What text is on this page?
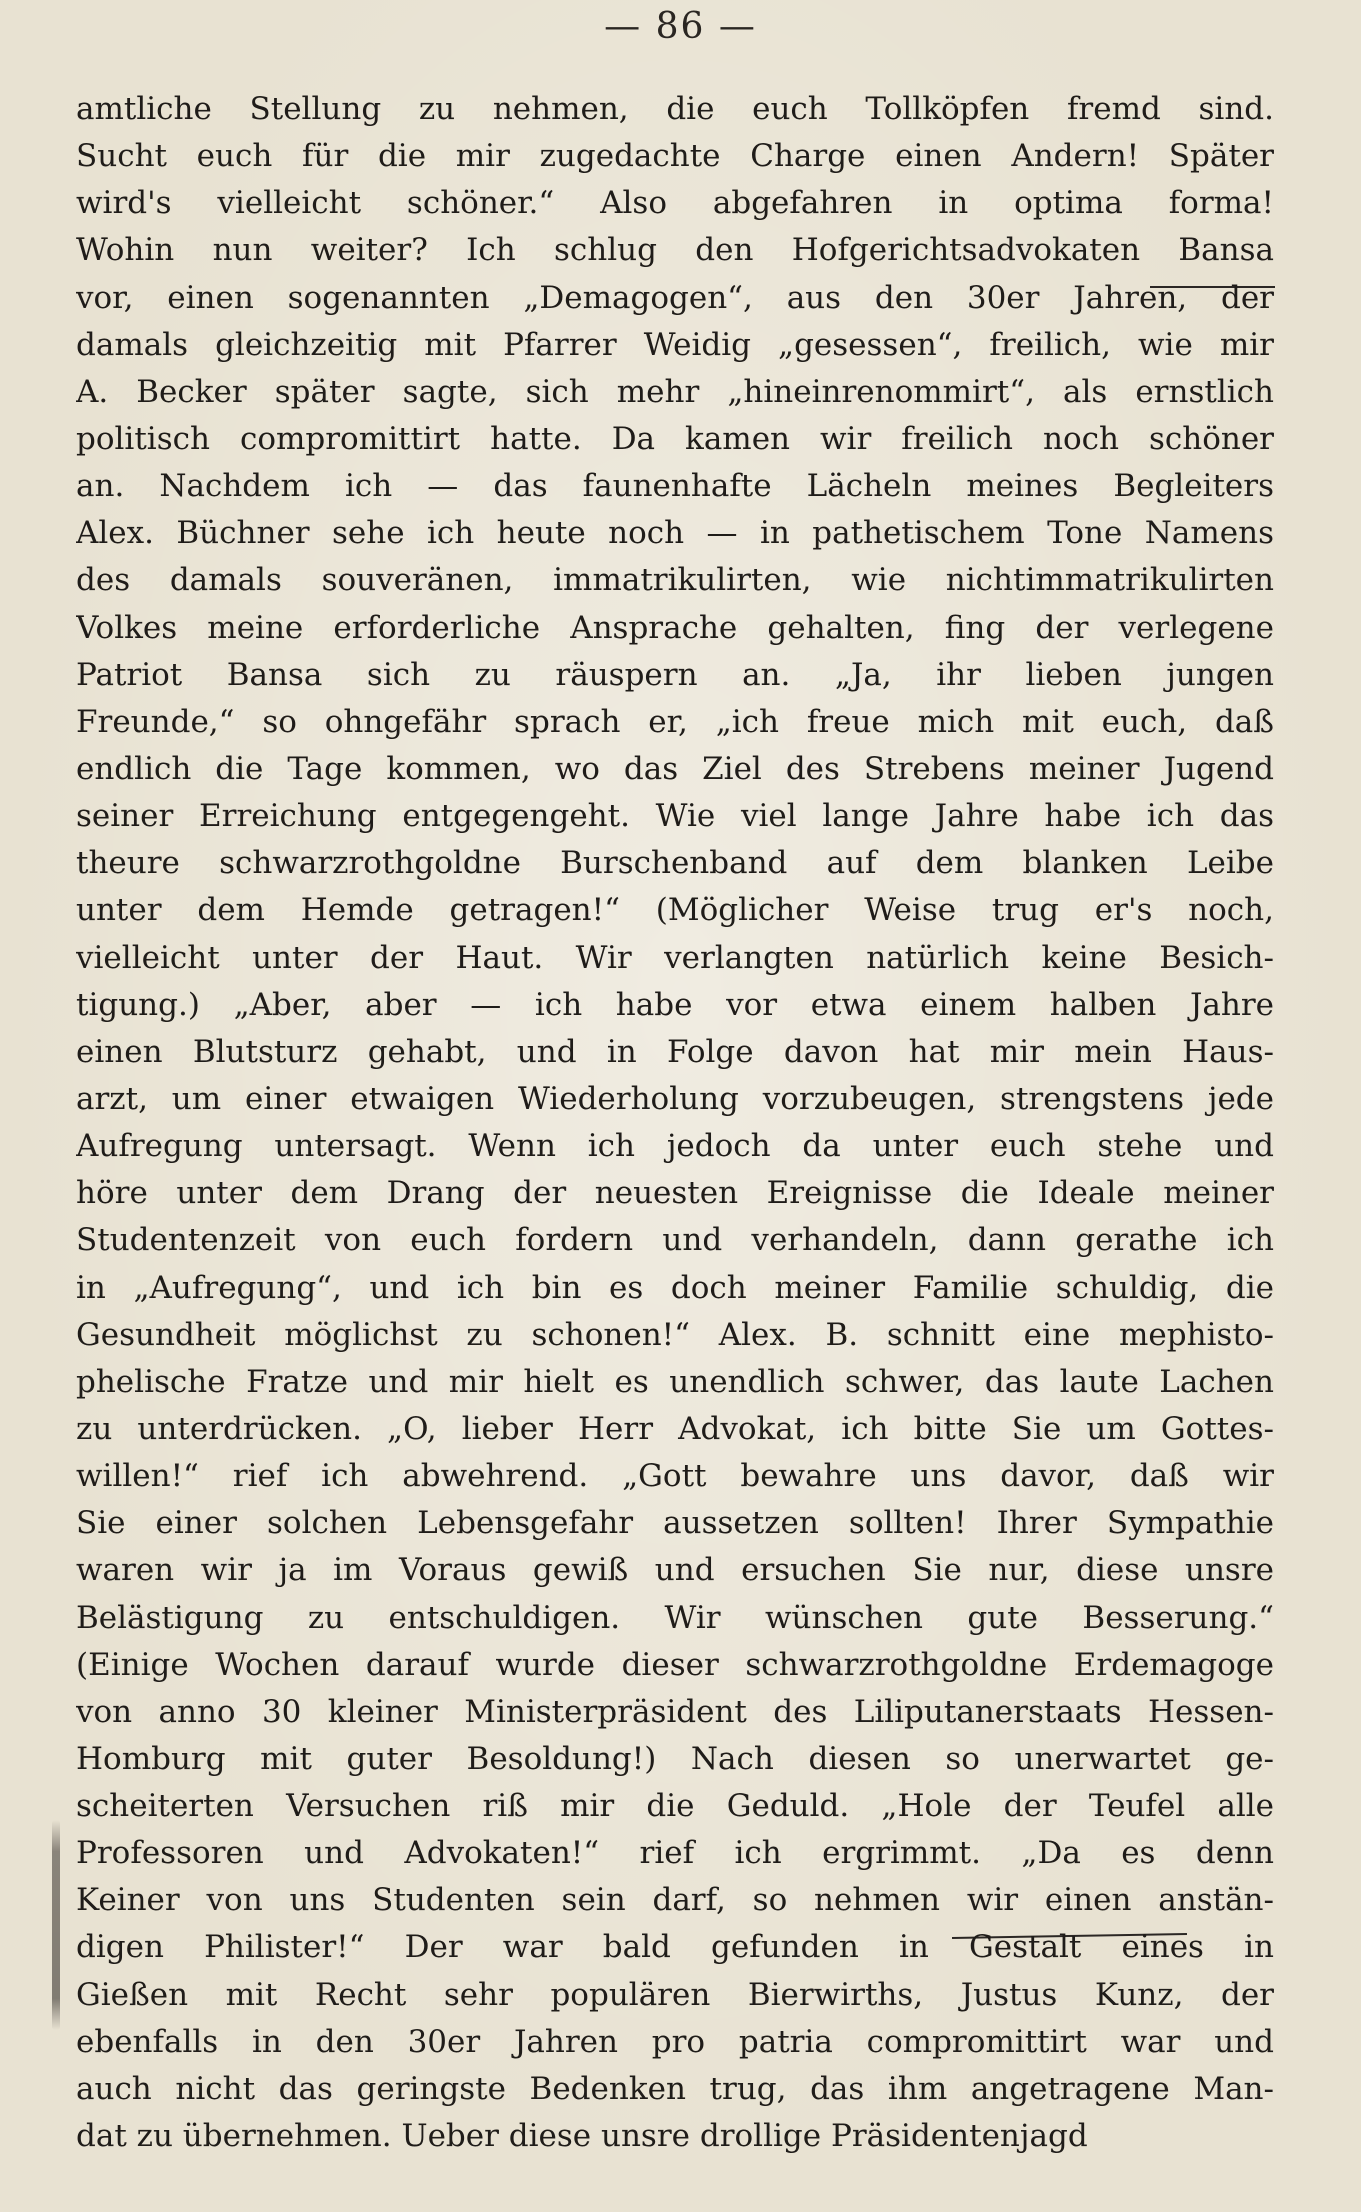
— 86 —
amtliche Stellung zu nehmen, die euch Tollköpfen fremd sind.
Sucht euch für die mir zugedachte Charge einen Andern! Später
wird's vielleicht schöner.“ Also abgefahren in optima forma!
Wohin nun weiter? Ich schlug den Hofgerichtsadvokaten Bansa
vor, einen sogenannten „Demagogen“, aus den 30er Jahren, der
damals gleichzeitig mit Pfarrer Weidig „gesessen“, freilich, wie mir
A. Becker später sagte, sich mehr „hineinrenommirt“, als ernstlich
politisch compromittirt hatte. Da kamen wir freilich noch schöner
an. Nachdem ich — das faunenhafte Lächeln meines Begleiters
Alex. Büchner sehe ich heute noch — in pathetischem Tone Namens
des damals souveränen, immatrikulirten, wie nichtimmatrikulirten
Volkes meine erforderliche Ansprache gehalten, fing der verlegene
Patriot Bansa sich zu räuspern an. „Ja, ihr lieben jungen
Freunde,“ so ohngefähr sprach er, „ich freue mich mit euch, daß
endlich die Tage kommen, wo das Ziel des Strebens meiner Jugend
seiner Erreichung entgegengeht. Wie viel lange Jahre habe ich das
theure schwarzrothgoldne Burschenband auf dem blanken Leibe
unter dem Hemde getragen!“ (Möglicher Weise trug er's noch,
vielleicht unter der Haut. Wir verlangten natürlich keine Besich-
tigung.) „Aber, aber — ich habe vor etwa einem halben Jahre
einen Blutsturz gehabt, und in Folge davon hat mir mein Haus-
arzt, um einer etwaigen Wiederholung vorzubeugen, strengstens jede
Aufregung untersagt. Wenn ich jedoch da unter euch stehe und
höre unter dem Drang der neuesten Ereignisse die Ideale meiner
Studentenzeit von euch fordern und verhandeln, dann gerathe ich
in „Aufregung“, und ich bin es doch meiner Familie schuldig, die
Gesundheit möglichst zu schonen!“ Alex. B. schnitt eine mephisto-
phelische Fratze und mir hielt es unendlich schwer, das laute Lachen
zu unterdrücken. „O, lieber Herr Advokat, ich bitte Sie um Gottes-
willen!“ rief ich abwehrend. „Gott bewahre uns davor, daß wir
Sie einer solchen Lebensgefahr aussetzen sollten! Ihrer Sympathie
waren wir ja im Voraus gewiß und ersuchen Sie nur, diese unsre
Belästigung zu entschuldigen. Wir wünschen gute Besserung.“
(Einige Wochen darauf wurde dieser schwarzrothgoldne Erdemagoge
von anno 30 kleiner Ministerpräsident des Liliputanerstaats Hessen-
Homburg mit guter Besoldung!) Nach diesen so unerwartet ge-
scheiterten Versuchen riß mir die Geduld. „Hole der Teufel alle
Professoren und Advokaten!“ rief ich ergrimmt. „Da es denn
Keiner von uns Studenten sein darf, so nehmen wir einen anstän-
digen Philister!“ Der war bald gefunden in Gestalt eines in
Gießen mit Recht sehr populären Bierwirths, Justus Kunz, der
ebenfalls in den 30er Jahren pro patria compromittirt war und
auch nicht das geringste Bedenken trug, das ihm angetragene Man-
dat zu übernehmen. Ueber diese unsre drollige Präsidentenjagd
